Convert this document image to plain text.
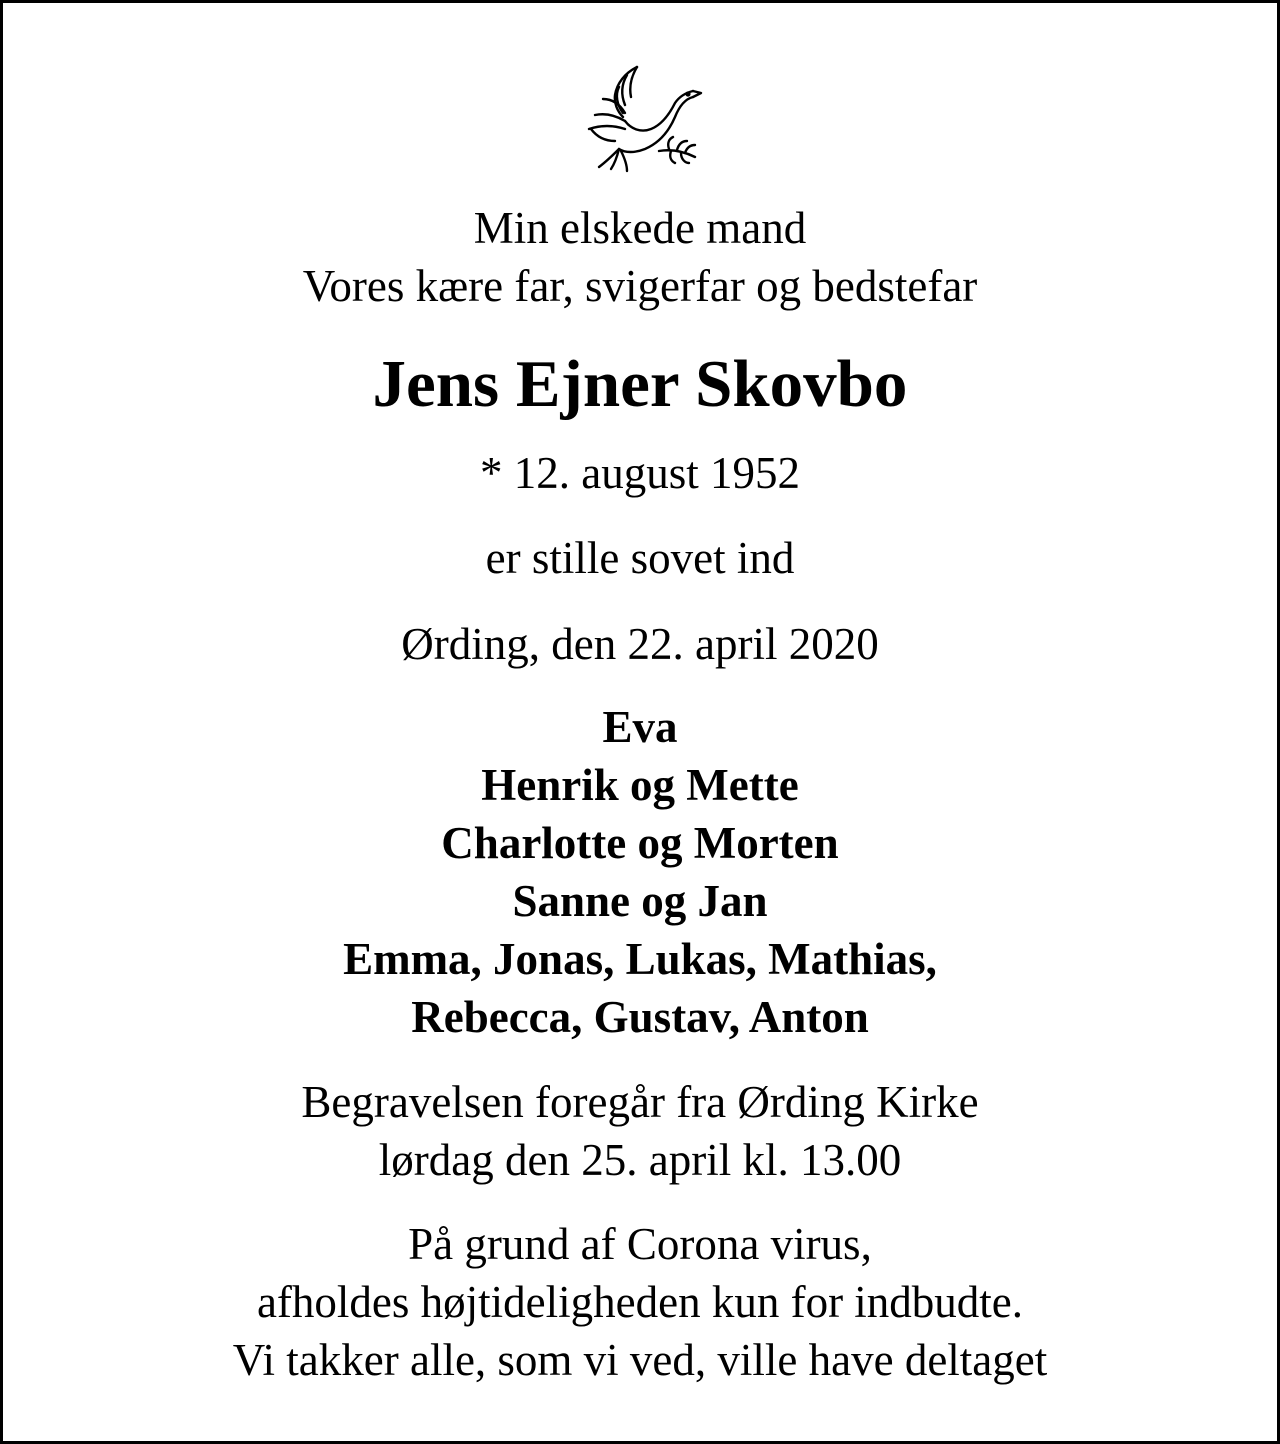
Min elskede mand
Vores kære far, svigerfar og bedstefar
Jens Ejner Skovbo
* 12. august 1952
er stille sovet ind
Ørding, den 22. april 2020
Eva
Henrik og Mette
Charlotte og Morten
Sanne og Jan
Emma, Jonas, Lukas, Mathias,
Rebecca, Gustav, Anton
Begravelsen foregår fra Ørding Kirke
lørdag den 25. april kl. 13.00
På grund af Corona virus,
afholdes højtideligheden kun for indbudte.
Vi takker alle, som vi ved, ville have deltaget
